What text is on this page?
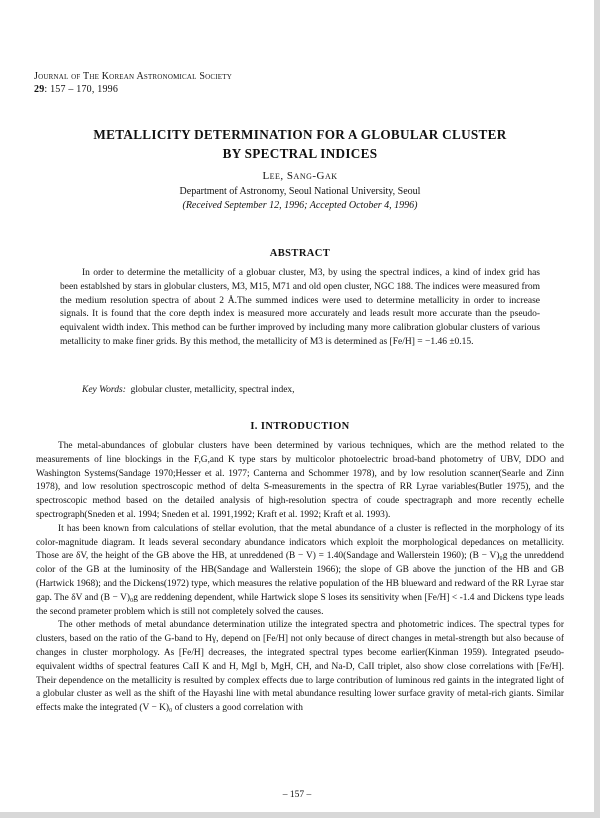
Journal of The Korean Astronomical Society
29: 157 – 170, 1996
METALLICITY DETERMINATION FOR A GLOBULAR CLUSTER
BY SPECTRAL INDICES
Lee, Sang-Gak
Department of Astronomy, Seoul National University, Seoul
(Received September 12, 1996; Accepted October 4, 1996)
ABSTRACT

In order to determine the metallicity of a globuar cluster, M3, by using the spectral indices, a kind of index grid has been establshed by stars in globular clusters, M3, M15, M71 and old open cluster, NGC 188. The indices were measured from the medium resolution spectra of about 2 Å.The summed indices were used to determine metallicity in order to increase signals. It is found that the core depth index is measured more accurately and leads result more accurate than the pseudo-equivalent width index. This method can be further improved by including many more calibration globular clusters of various metallicity to make finer grids. By this method, the metallicity of M3 is determined as [Fe/H] = −1.46 ±0.15.

Key Words: globular cluster, metallicity, spectral index,
I. INTRODUCTION

The metal-abundances of globular clusters have been determined by various techniques, which are the method related to the measurements of line blockings in the F,G,and K type stars by multicolor photoelectric broad-band photometry of UBV, DDO and Washington Systems(Sandage 1970;Hesser et al. 1977; Canterna and Schommer 1978), and by low resolution scanner(Searle and Zinn 1978), and low resolution spectroscopic method of delta S-measurements in the spectra of RR Lyrae variables(Butler 1975), and the spectroscopic method based on the detailed analysis of high-resolution spectra of coude spectragraph and more recently echelle spectrograph(Sneden et al. 1994; Sneden et al. 1991,1992; Kraft et al. 1992; Kraft et al. 1993).

It has been known from calculations of stellar evolution, that the metal abundance of a cluster is reflected in the morphology of its color-magnitude diagram. It leads several secondary abundance indicators which exploit the morphological depedances on metallicity. Those are δV, the height of the GB above the HB, at unreddened (B − V) = 1.40(Sandage and Wallerstein 1960); (B − V)₀g the unreddend color of the GB at the luminosity of the HB(Sandage and Wallerstein 1966); the slope of GB above the junction of the HB and GB (Hartwick 1968); and the Dickens(1972) type, which measures the relative population of the HB blueward and redward of the RR Lyrae star gap. The δV and (B − V)₀g are reddening dependent, while Hartwick slope S loses its sensitivity when [Fe/H] < -1.4 and Dickens type leads the second prameter problem which is still not completely solved the causes.

The other methods of metal abundance determination utilize the integrated spectra and photometric indices. The spectral types for clusters, based on the ratio of the G-band to Hγ, depend on [Fe/H] not only because of direct changes in metal-strength but also because of changes in cluster morphology. As [Fe/H] decreases, the integrated spectral types become earlier(Kinman 1959). Integrated pseudo-equivalent widths of spectral features CaII K and H, MgI b, MgH, CH, and Na-D, CaII triplet, also show close correlations with [Fe/H]. Their dependence on the metallicity is resulted by complex effects due to large contribution of luminous red gaints in the integrated light of a globular cluster as well as the shift of the Hayashi line with metal abundance resulting lower surface gravity of metal-rich giants. Similar effects make the integrated (V − K)₀ of clusters a good correlation with

– 157 –
